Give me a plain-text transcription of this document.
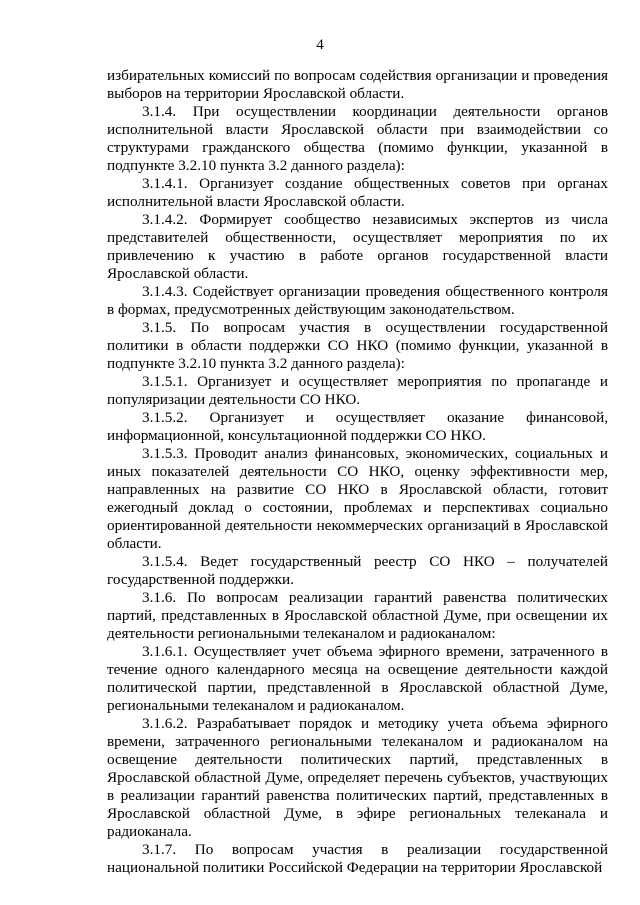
4

избирательных комиссий по вопросам содействия организации и проведения выборов на территории Ярославской области.

3.1.4. При осуществлении координации деятельности органов исполнительной власти Ярославской области при взаимодействии со структурами гражданского общества (помимо функции, указанной в подпункте 3.2.10 пункта 3.2 данного раздела):

3.1.4.1. Организует создание общественных советов при органах исполнительной власти Ярославской области.

3.1.4.2. Формирует сообщество независимых экспертов из числа представителей общественности, осуществляет мероприятия по их привлечению к участию в работе органов государственной власти Ярославской области.

3.1.4.3. Содействует организации проведения общественного контроля в формах, предусмотренных действующим законодательством.

3.1.5. По вопросам участия в осуществлении государственной политики в области поддержки СО НКО (помимо функции, указанной в подпункте 3.2.10 пункта 3.2 данного раздела):

3.1.5.1. Организует и осуществляет мероприятия по пропаганде и популяризации деятельности СО НКО.

3.1.5.2. Организует и осуществляет оказание финансовой, информационной, консультационной поддержки СО НКО.

3.1.5.3. Проводит анализ финансовых, экономических, социальных и иных показателей деятельности СО НКО, оценку эффективности мер, направленных на развитие СО НКО в Ярославской области, готовит ежегодный доклад о состоянии, проблемах и перспективах социально ориентированной деятельности некоммерческих организаций в Ярославской области.

3.1.5.4. Ведет государственный реестр СО НКО – получателей государственной поддержки.

3.1.6. По вопросам реализации гарантий равенства политических партий, представленных в Ярославской областной Думе, при освещении их деятельности региональными телеканалом и радиоканалом:

3.1.6.1. Осуществляет учет объема эфирного времени, затраченного в течение одного календарного месяца на освещение деятельности каждой политической партии, представленной в Ярославской областной Думе, региональными телеканалом и радиоканалом.

3.1.6.2. Разрабатывает порядок и методику учета объема эфирного времени, затраченного региональными телеканалом и радиоканалом на освещение деятельности политических партий, представленных в Ярославской областной Думе, определяет перечень субъектов, участвующих в реализации гарантий равенства политических партий, представленных в Ярославской областной Думе, в эфире региональных телеканала и радиоканала.

3.1.7. По вопросам участия в реализации государственной национальной политики Российской Федерации на территории Ярославской
